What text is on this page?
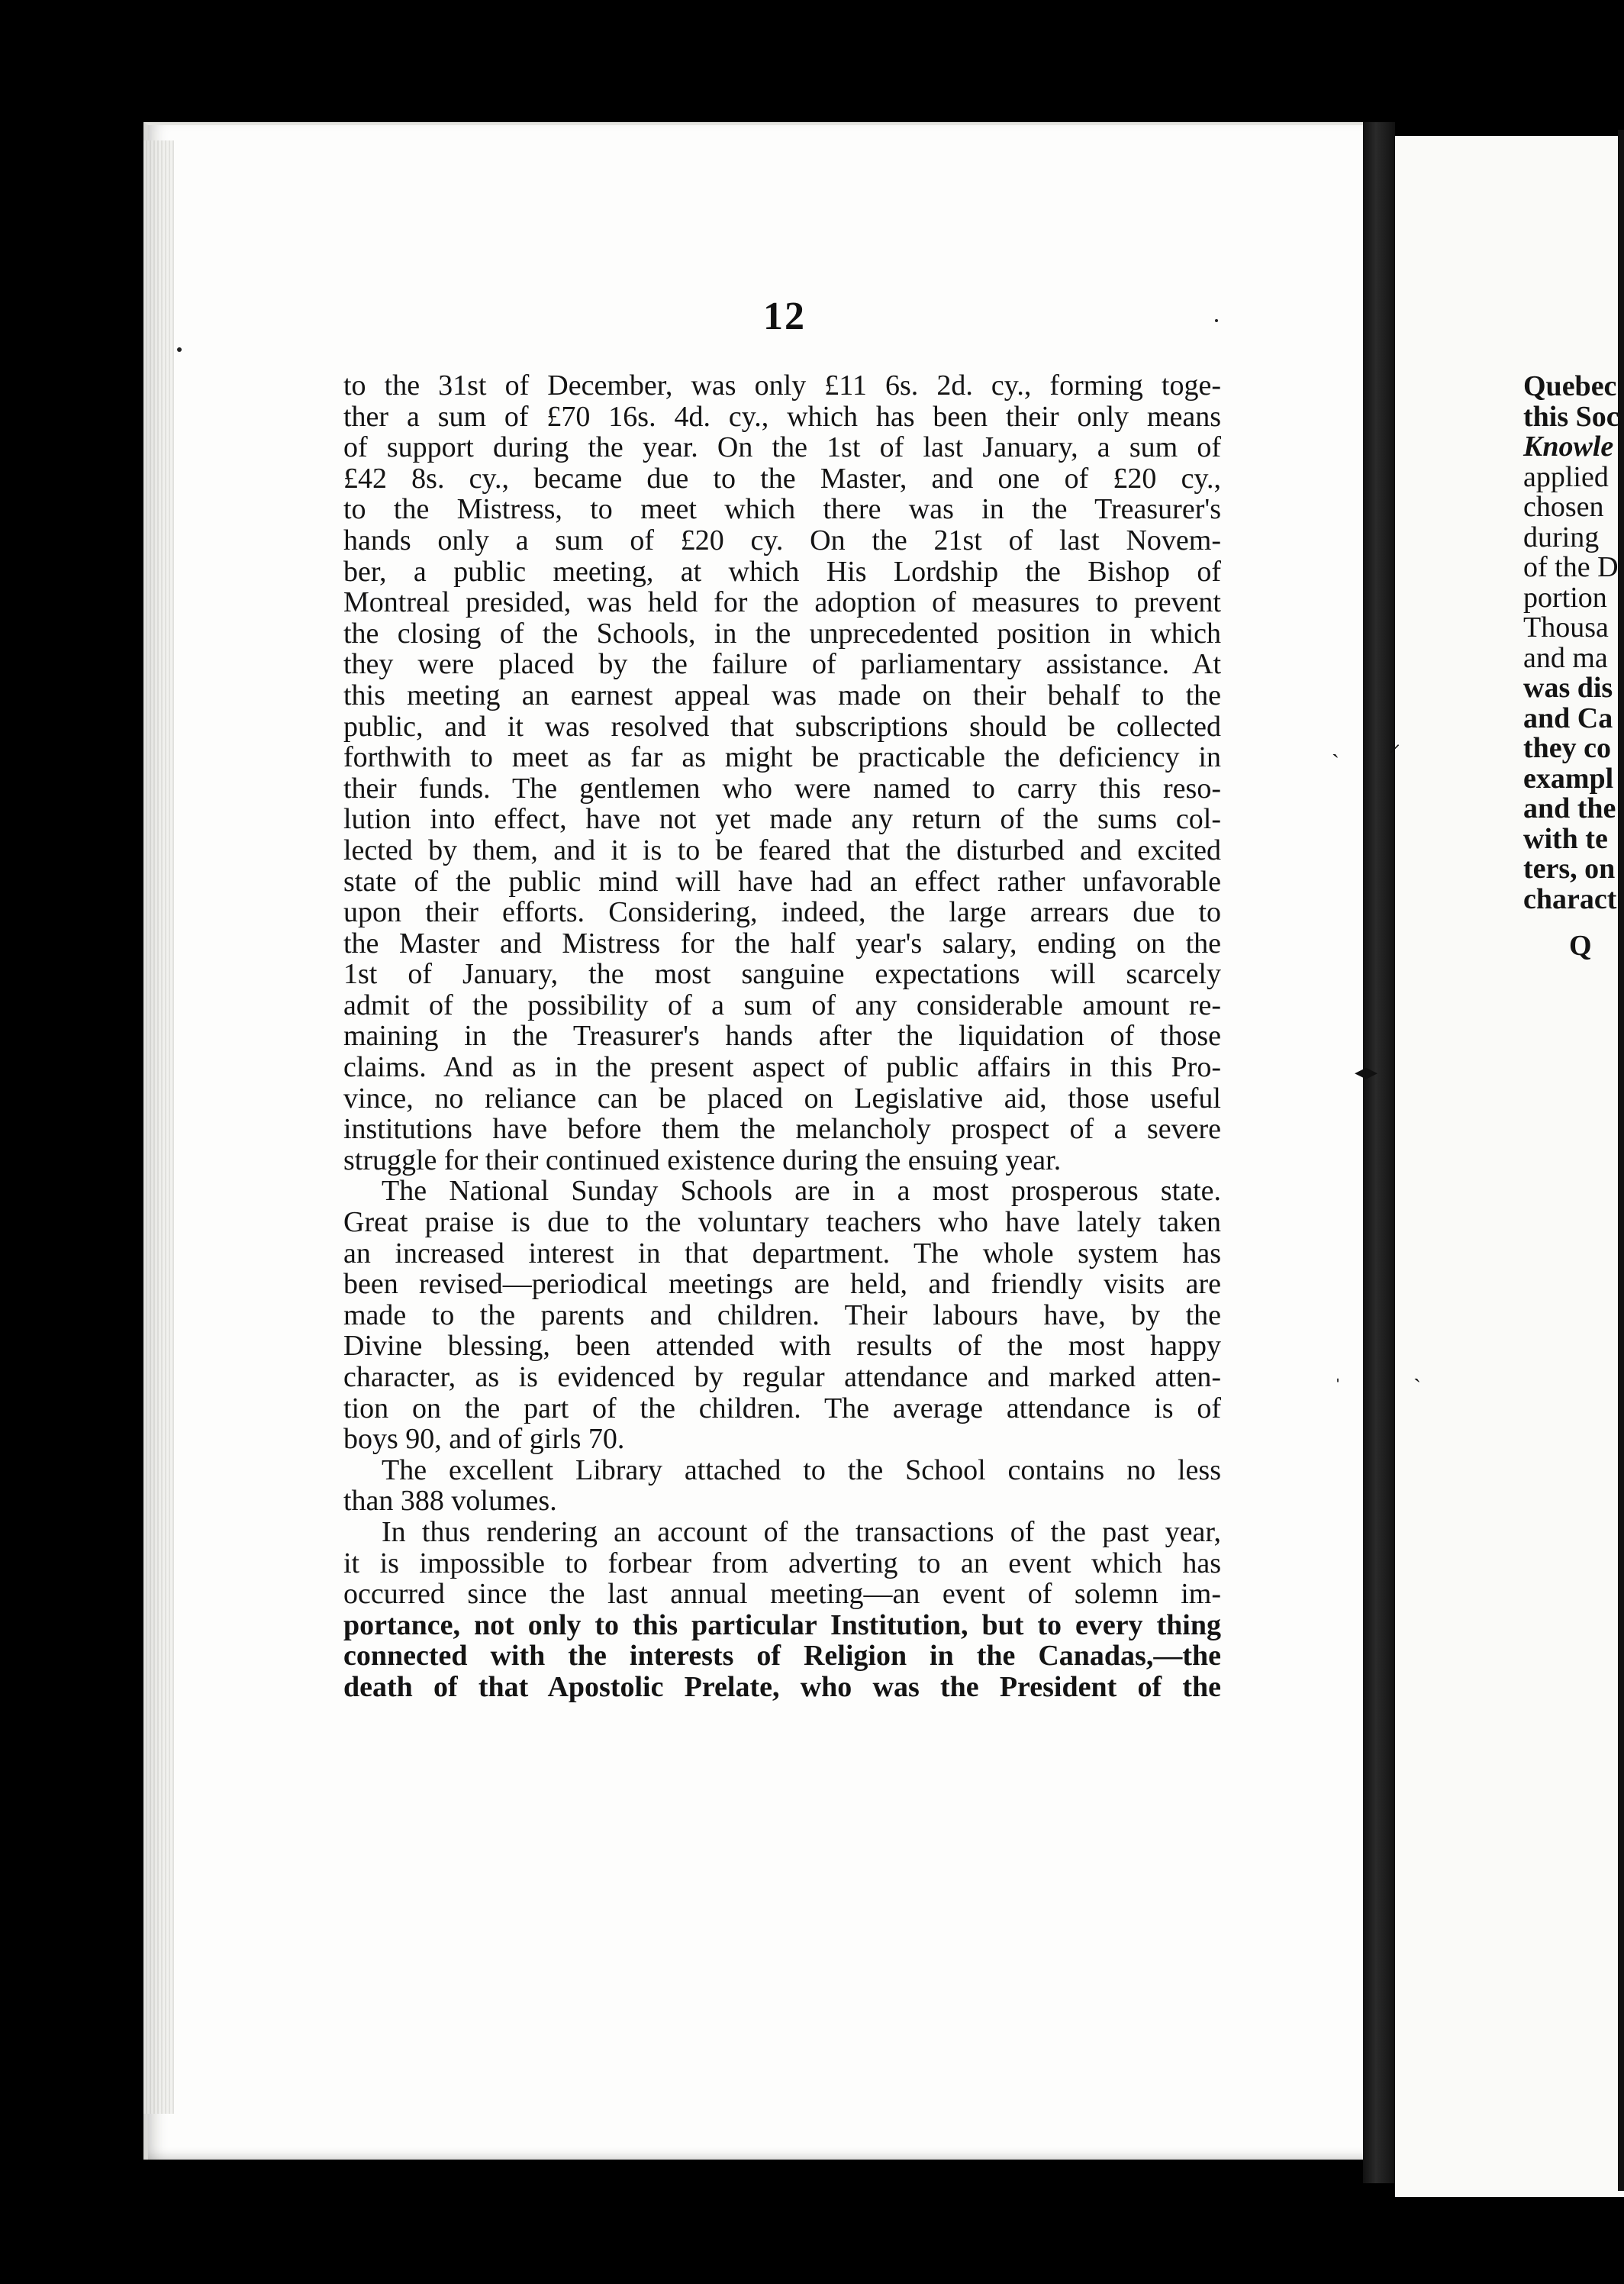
12
to the 31st of December, was only £11 6s. 2d. cy., forming toge-
ther a sum of £70 16s. 4d. cy., which has been their only means
of support during the year. On the 1st of last January, a sum of
£42 8s. cy., became due to the Master, and one of £20 cy.,
to the Mistress, to meet which there was in the Treasurer's
hands only a sum of £20 cy. On the 21st of last Novem-
ber, a public meeting, at which His Lordship the Bishop of
Montreal presided, was held for the adoption of measures to prevent
the closing of the Schools, in the unprecedented position in which
they were placed by the failure of parliamentary assistance. At
this meeting an earnest appeal was made on their behalf to the
public, and it was resolved that subscriptions should be collected
forthwith to meet as far as might be practicable the deficiency in
their funds. The gentlemen who were named to carry this reso-
lution into effect, have not yet made any return of the sums col-
lected by them, and it is to be feared that the disturbed and excited
state of the public mind will have had an effect rather unfavorable
upon their efforts. Considering, indeed, the large arrears due to
the Master and Mistress for the half year's salary, ending on the
1st of January, the most sanguine expectations will scarcely
admit of the possibility of a sum of any considerable amount re-
maining in the Treasurer's hands after the liquidation of those
claims. And as in the present aspect of public affairs in this Pro-
vince, no reliance can be placed on Legislative aid, those useful
institutions have before them the melancholy prospect of a severe
struggle for their continued existence during the ensuing year.
The National Sunday Schools are in a most prosperous state.
Great praise is due to the voluntary teachers who have lately taken
an increased interest in that department. The whole system has
been revised—periodical meetings are held, and friendly visits are
made to the parents and children. Their labours have, by the
Divine blessing, been attended with results of the most happy
character, as is evidenced by regular attendance and marked atten-
tion on the part of the children. The average attendance is of
boys 90, and of girls 70.
The excellent Library attached to the School contains no less
than 388 volumes.
In thus rendering an account of the transactions of the past year,
it is impossible to forbear from adverting to an event which has
occurred since the last annual meeting—an event of solemn im-
portance, not only to this particular Institution, but to every thing
connected with the interests of Religion in the Canadas,—the
death of that Apostolic Prelate, who was the President of the
Quebec
this Soc
Knowle
applied
chosen
during
of the D
portion
Thousa
and ma
was dis
and Ca
they co
exampl
and the
with te
ters, on
charact
Q
ˎ ⸝
◂▸
ˌ	ˏ
